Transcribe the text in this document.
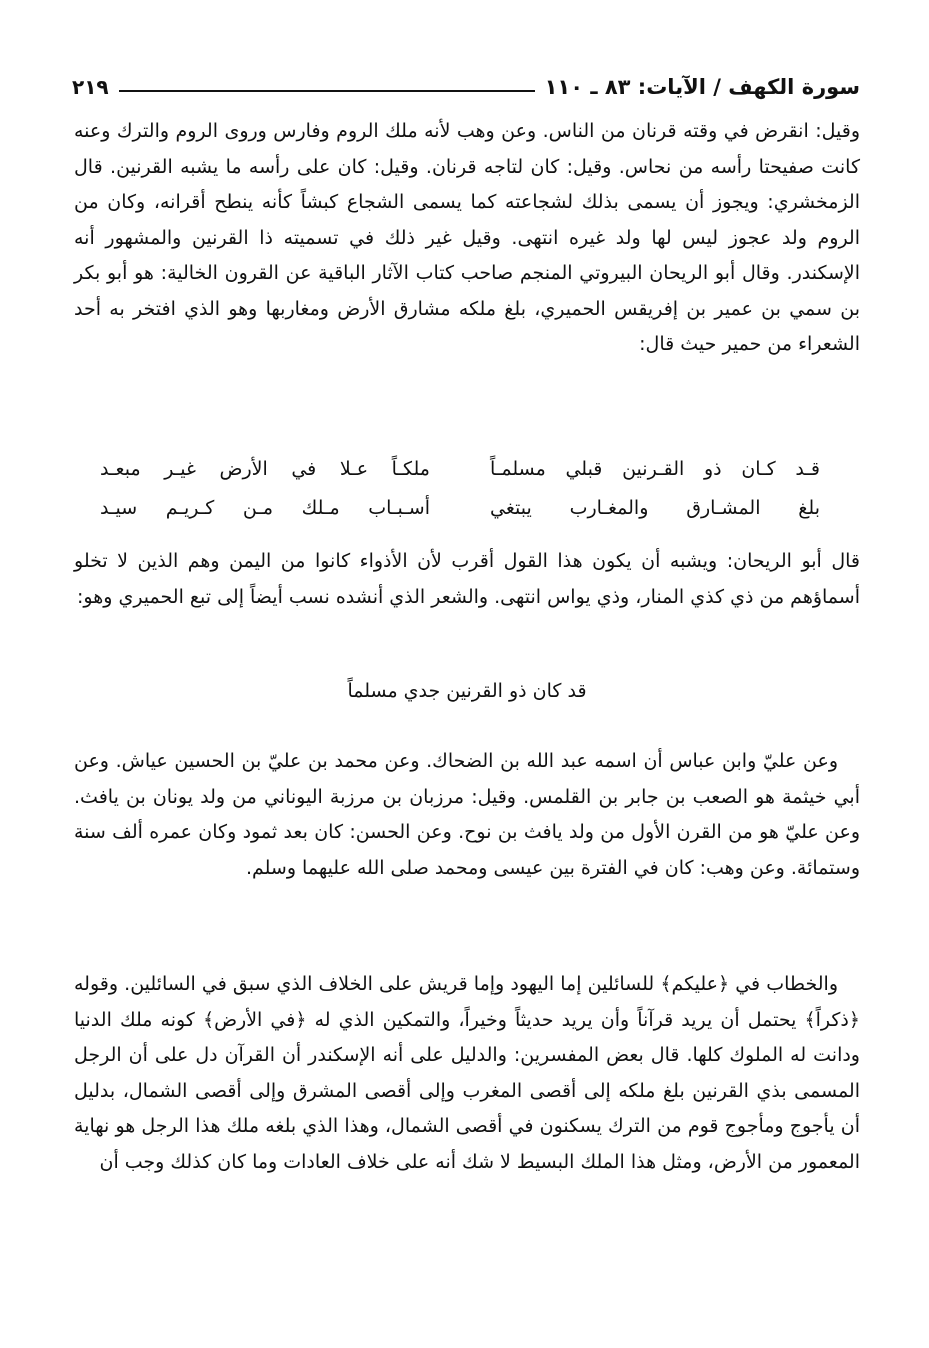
سورة الكهف / الآيات: ٨٣ ـ ١١٠
٢١٩

وقيل: انقرض في وقته قرنان من الناس. وعن وهب لأنه ملك الروم وفارس وروى الروم والترك وعنه كانت صفيحتا رأسه من نحاس. وقيل: كان لتاجه قرنان. وقيل: كان على رأسه ما يشبه القرنين. قال الزمخشري: ويجوز أن يسمى بذلك لشجاعته كما يسمى الشجاع كبشاً كأنه ينطح أقرانه، وكان من الروم ولد عجوز ليس لها ولد غيره انتهى. وقيل غير ذلك في تسميته ذا القرنين والمشهور أنه الإسكندر. وقال أبو الريحان البيروتي المنجم صاحب كتاب الآثار الباقية عن القرون الخالية: هو أبو بكر بن سمي بن عمير بن إفريقس الحميري، بلغ ملكه مشارق الأرض ومغاربها وهو الذي افتخر به أحد الشعراء من حمير حيث قال:

قـد كـان ذو القـرنين قبلي مسلمـاً
ملكـاً عـلا في الأرض غيـر مبعـد
بلغ المشـارق والمغـارب يبتغي
أسـبـاب مـلك مـن كـريـم سيـد

قال أبو الريحان: ويشبه أن يكون هذا القول أقرب لأن الأذواء كانوا من اليمن وهم الذين لا تخلو أسماؤهم من ذي كذي المنار، وذي يواس انتهى. والشعر الذي أنشده نسب أيضاً إلى تبع الحميري وهو:

قد كان ذو القرنين جدي مسلماً

وعن عليّ وابن عباس أن اسمه عبد الله بن الضحاك. وعن محمد بن عليّ بن الحسين عياش. وعن أبي خيثمة هو الصعب بن جابر بن القلمس. وقيل: مرزبان بن مرزبة اليوناني من ولد يونان بن يافث. وعن عليّ هو من القرن الأول من ولد يافث بن نوح. وعن الحسن: كان بعد ثمود وكان عمره ألف سنة وستمائة. وعن وهب: كان في الفترة بين عيسى ومحمد صلى الله عليهما وسلم.

والخطاب في ﴿عليكم﴾ للسائلين إما اليهود وإما قريش على الخلاف الذي سبق في السائلين. وقوله ﴿ذكراً﴾ يحتمل أن يريد قرآناً وأن يريد حديثاً وخيراً، والتمكين الذي له ﴿في الأرض﴾ كونه ملك الدنيا ودانت له الملوك كلها. قال بعض المفسرين: والدليل على أنه الإسكندر أن القرآن دل على أن الرجل المسمى بذي القرنين بلغ ملكه إلى أقصى المغرب وإلى أقصى المشرق وإلى أقصى الشمال، بدليل أن يأجوج ومأجوج قوم من الترك يسكنون في أقصى الشمال، وهذا الذي بلغه ملك هذا الرجل هو نهاية المعمور من الأرض، ومثل هذا الملك البسيط لا شك أنه على خلاف العادات وما كان كذلك وجب أن
